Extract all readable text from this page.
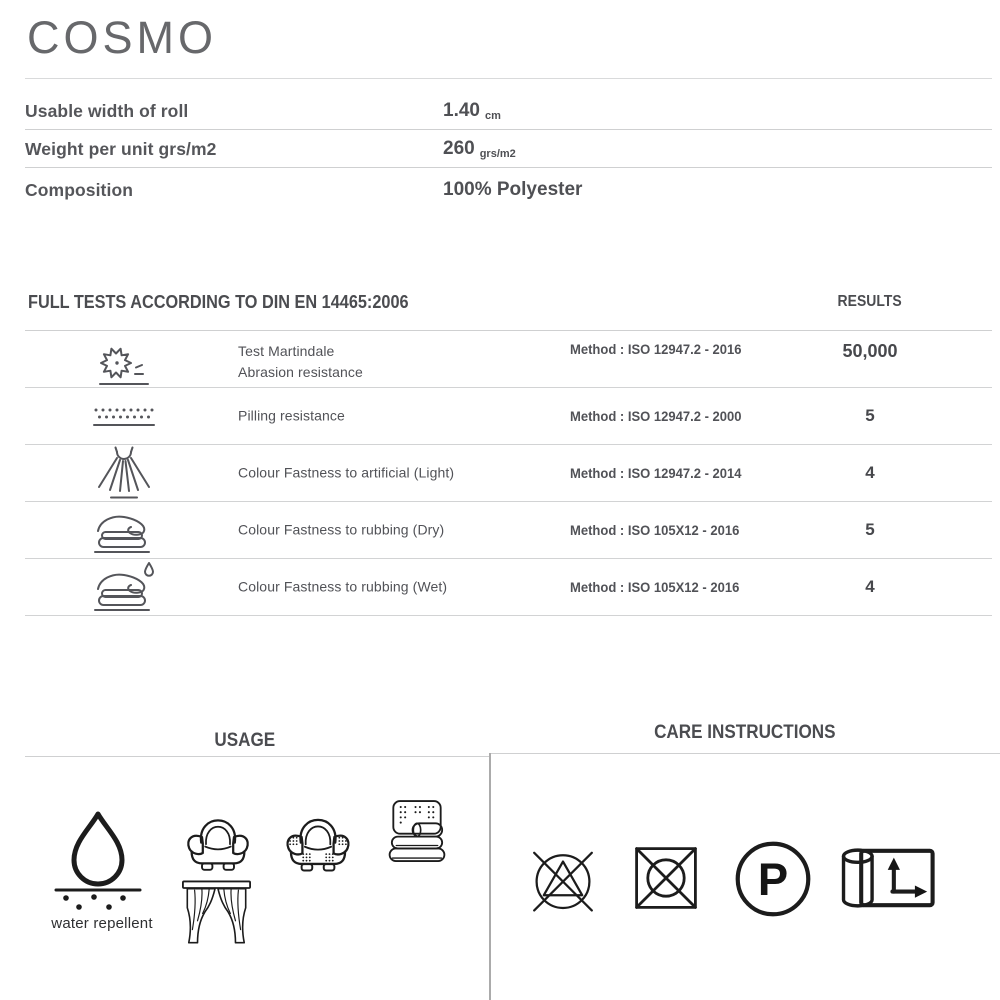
COSMO
Usable width of roll	1.40 cm
Weight per unit grs/m2	260 grs/m2
Composition	100% Polyester
FULL TESTS ACCORDING TO DIN EN 14465:2006	RESULTS
Test Martindale
Abrasion resistance
Method : ISO 12947.2 - 2016	50,000
Pilling resistance	Method : ISO 12947.2 - 2000	5
Colour Fastness to artificial (Light)	Method : ISO 12947.2 - 2014	4
Colour Fastness to rubbing (Dry)	Method : ISO 105X12 - 2016	5
Colour Fastness to rubbing (Wet)	Method : ISO 105X12 - 2016	4
USAGE
water repellent
CARE INSTRUCTIONS
P
